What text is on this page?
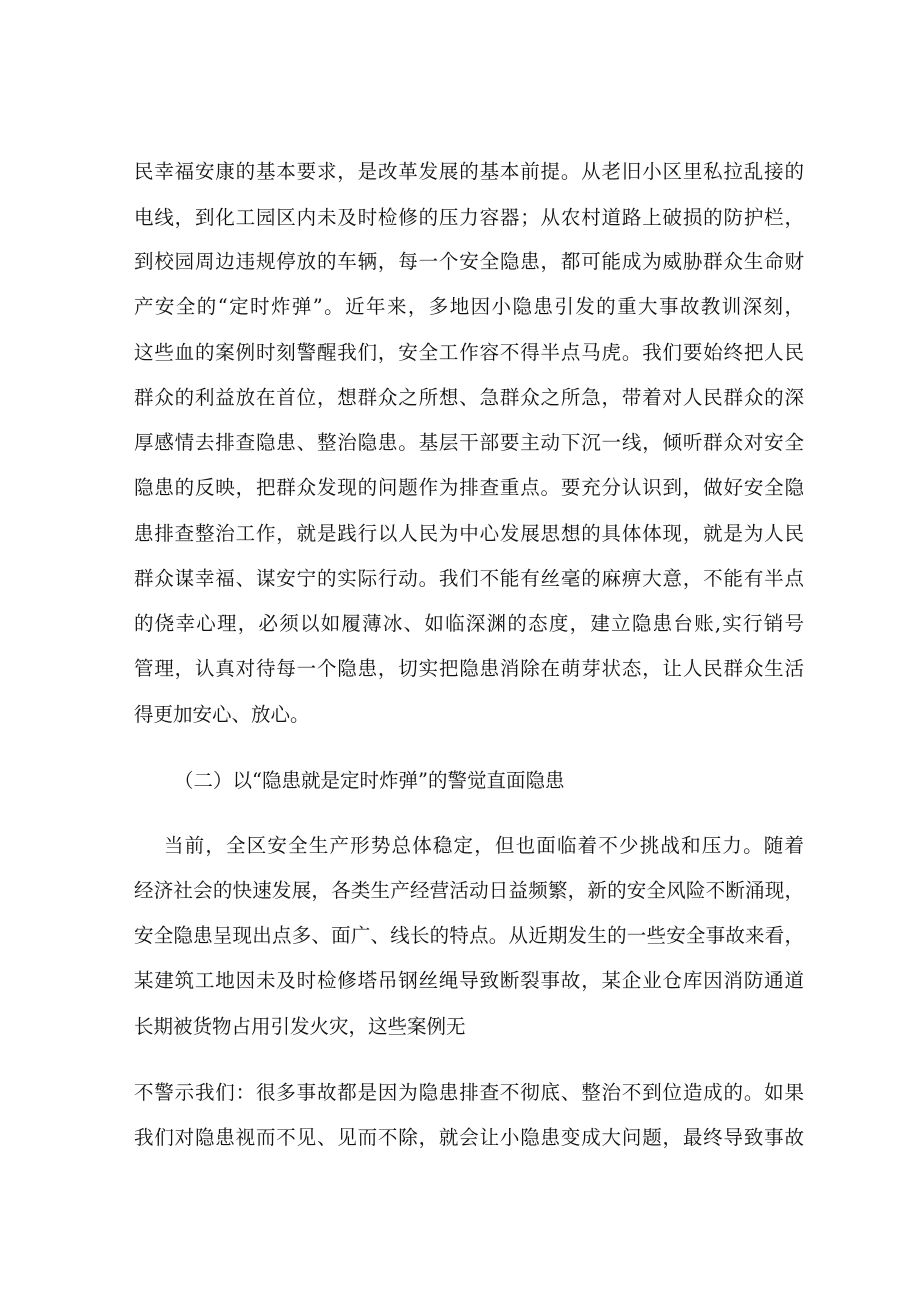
民幸福安康的基本要求，是改革发展的基本前提。从老旧小区里私拉乱接的
电线，到化工园区内未及时检修的压力容器；从农村道路上破损的防护栏，
到校园周边违规停放的车辆，每一个安全隐患，都可能成为威胁群众生命财
产安全的“定时炸弹”。近年来，多地因小隐患引发的重大事故教训深刻，
这些血的案例时刻警醒我们，安全工作容不得半点马虎。我们要始终把人民
群众的利益放在首位，想群众之所想、急群众之所急，带着对人民群众的深
厚感情去排查隐患、整治隐患。基层干部要主动下沉一线，倾听群众对安全
隐患的反映，把群众发现的问题作为排查重点。要充分认识到，做好安全隐
患排查整治工作，就是践行以人民为中心发展思想的具体体现，就是为人民
群众谋幸福、谋安宁的实际行动。我们不能有丝毫的麻痹大意，不能有半点
的侥幸心理，必须以如履薄冰、如临深渊的态度，建立隐患台账,实行销号
管理，认真对待每一个隐患，切实把隐患消除在萌芽状态，让人民群众生活
得更加安心、放心。
（二）以“隐患就是定时炸弹”的警觉直面隐患
当前，全区安全生产形势总体稳定，但也面临着不少挑战和压力。随着
经济社会的快速发展，各类生产经营活动日益频繁，新的安全风险不断涌现，
安全隐患呈现出点多、面广、线长的特点。从近期发生的一些安全事故来看，
某建筑工地因未及时检修塔吊钢丝绳导致断裂事故，某企业仓库因消防通道
长期被货物占用引发火灾，这些案例无
不警示我们：很多事故都是因为隐患排查不彻底、整治不到位造成的。如果
我们对隐患视而不见、见而不除，就会让小隐患变成大问题，最终导致事故
